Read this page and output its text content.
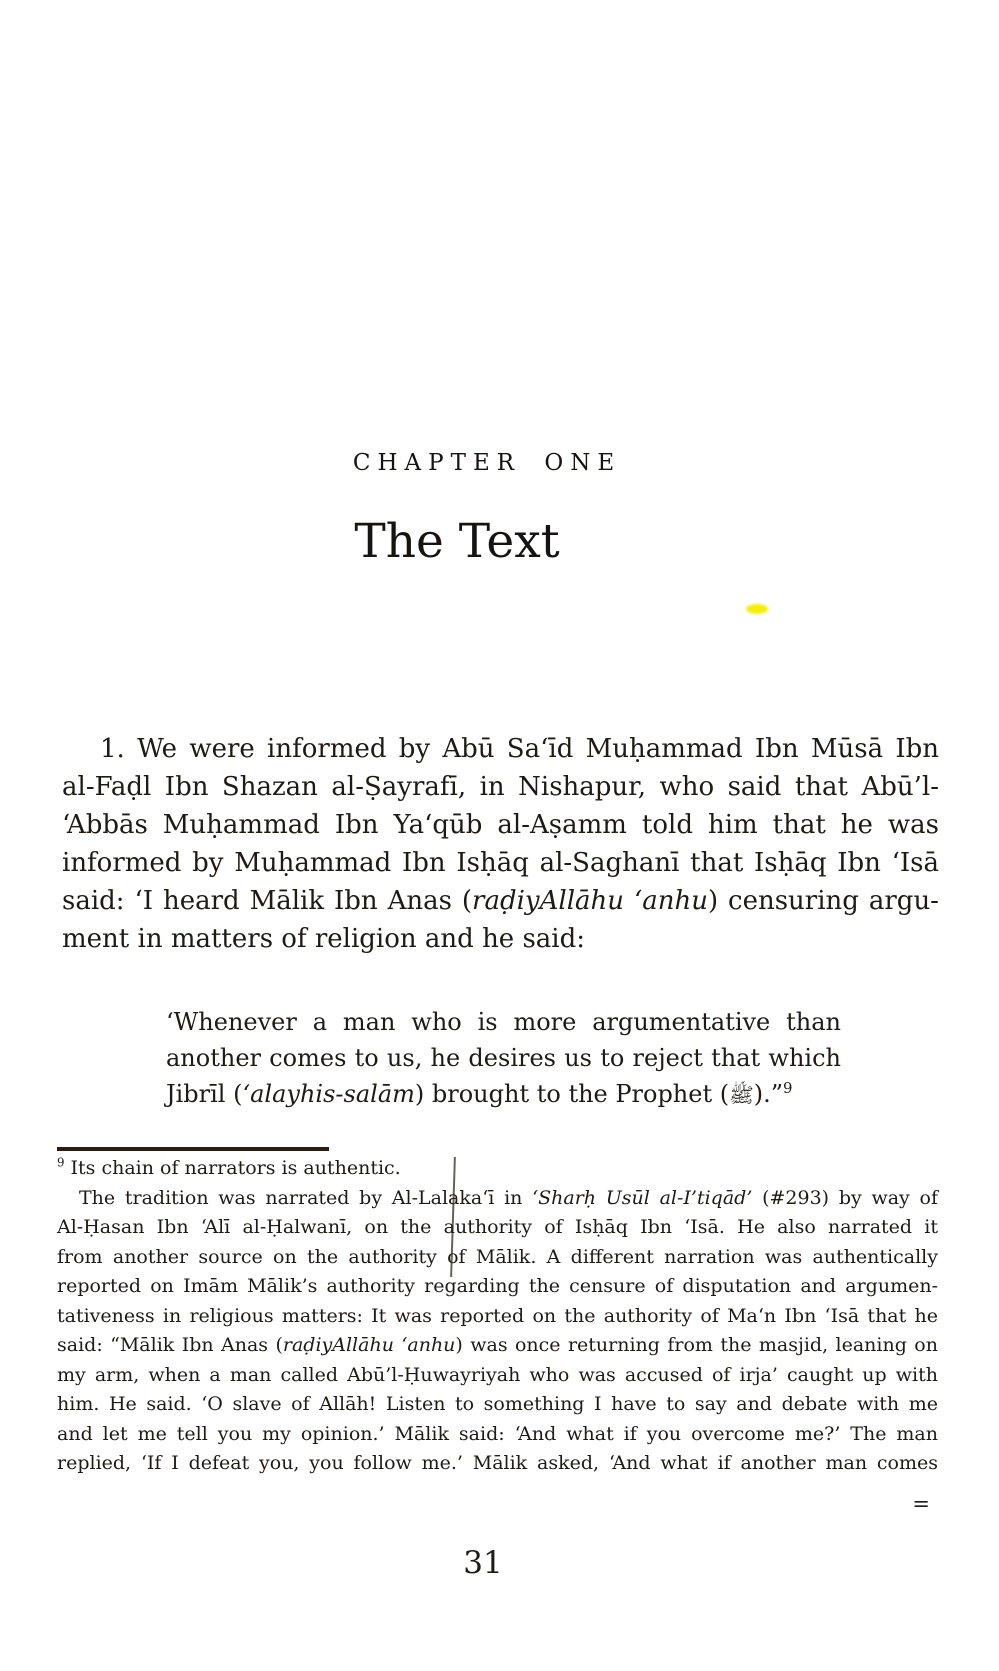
CHAPTER ONE
The Text
1. We were informed by Abū Sa‘īd Muḥammad Ibn Mūsā Ibn
al-Faḍl Ibn Shazan al-Ṣayrafī, in Nishapur, who said that Abū’l-
‘Abbās Muḥammad Ibn Ya‘qūb al-Aṣamm told him that he was
informed by Muḥammad Ibn Isḥāq al-Saghanī that Isḥāq Ibn ‘Isā
said: ‘I heard Mālik Ibn Anas (raḍiyAllāhu ‘anhu) censuring argu-
ment in matters of religion and he said:
‘Whenever a man who is more argumentative than
another comes to us, he desires us to reject that which
Jibrīl (‘alayhis-salām) brought to the Prophet (ﷺ).”$^9$
$^9$ Its chain of narrators is authentic.
The tradition was narrated by Al-Lalaka‘ī in ‘Sharḥ Usūl al-I’tiqād’ (#293) by way of
Al-Ḥasan Ibn ‘Alī al-Ḥalwanī, on the authority of Isḥāq Ibn ‘Isā. He also narrated it
from another source on the authority of Mālik. A different narration was authentically
reported on Imām Mālik’s authority regarding the censure of disputation and argumen-
tativeness in religious matters: It was reported on the authority of Ma‘n Ibn ‘Isā that he
said: “Mālik Ibn Anas (raḍiyAllāhu ‘anhu) was once returning from the masjid, leaning on
my arm, when a man called Abū’l-Ḥuwayriyah who was accused of irja’ caught up with
him. He said. ‘O slave of Allāh! Listen to something I have to say and debate with me
and let me tell you my opinion.’ Mālik said: ‘And what if you overcome me?’ The man
replied, ‘If I defeat you, you follow me.’ Mālik asked, ‘And what if another man comes
=
31
